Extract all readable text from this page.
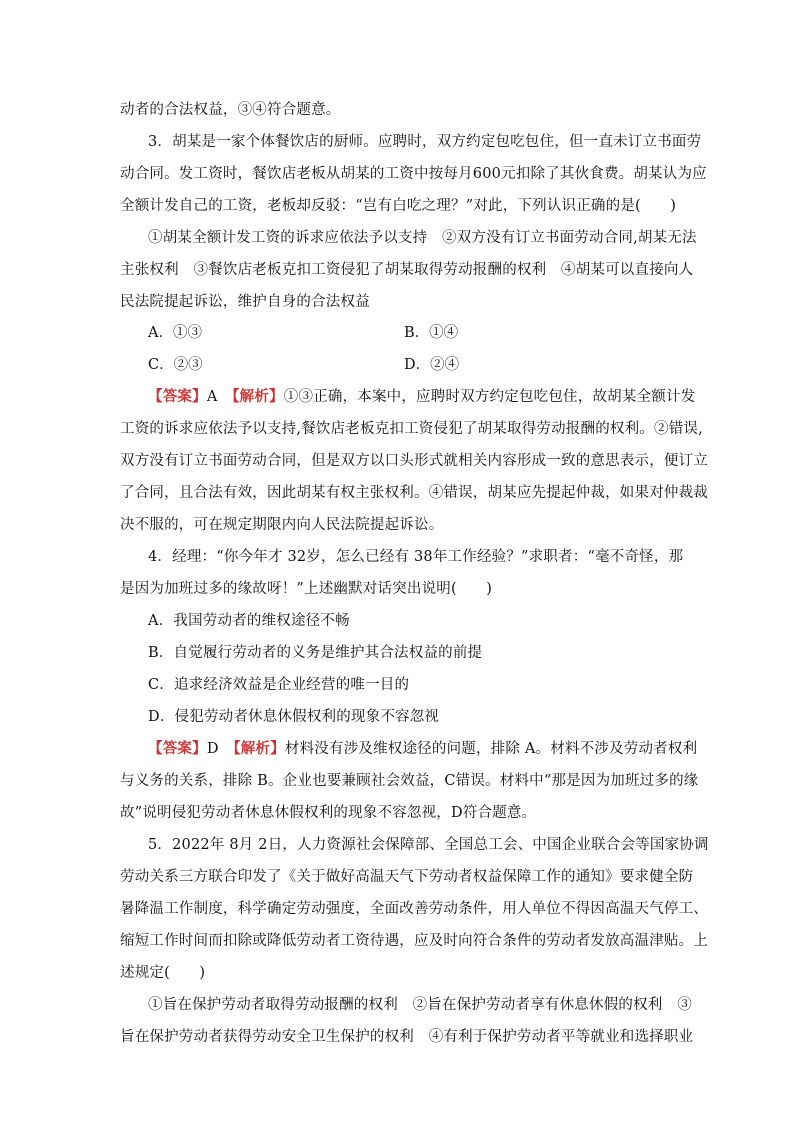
动者的合法权益，③④符合题意。
3．胡某是一家个体餐饮店的厨师。应聘时，双方约定包吃包住，但一直未订立书面劳
动合同。发工资时，餐饮店老板从胡某的工资中按每月600元扣除了其伙食费。胡某认为应
全额计发自己的工资，老板却反驳：“岂有白吃之理？”对此，下列认识正确的是(　　)
①胡某全额计发工资的诉求应依法予以支持　②双方没有订立书面劳动合同,胡某无法
主张权利　③餐饮店老板克扣工资侵犯了胡某取得劳动报酬的权利　④胡某可以直接向人
民法院提起诉讼，维护自身的合法权益
A．①③	B．①④
C．②③	D．②④
【答案】A　 【解析】①③正确，本案中，应聘时双方约定包吃包住，故胡某全额计发
工资的诉求应依法予以支持,餐饮店老板克扣工资侵犯了胡某取得劳动报酬的权利。②错误,
双方没有订立书面劳动合同，但是双方以口头形式就相关内容形成一致的意思表示，便订立
了合同，且合法有效，因此胡某有权主张权利。④错误，胡某应先提起仲裁，如果对仲裁裁
决不服的，可在规定期限内向人民法院提起诉讼。
4．经理：“你今年才 32岁，怎么已经有 38年工作经验？”求职者：“毫不奇怪，那
是因为加班过多的缘故呀！”上述幽默对话突出说明(　　)
A．我国劳动者的维权途径不畅
B．自觉履行劳动者的义务是维护其合法权益的前提
C．追求经济效益是企业经营的唯一目的
D．侵犯劳动者休息休假权利的现象不容忽视
【答案】D　 【解析】材料没有涉及维权途径的问题，排除 A。材料不涉及劳动者权利
与义务的关系，排除 B。企业也要兼顾社会效益，C错误。材料中“那是因为加班过多的缘
故”说明侵犯劳动者休息休假权利的现象不容忽视，D符合题意。
5．2022年 8月 2日，人力资源社会保障部、全国总工会、中国企业联合会等国家协调
劳动关系三方联合印发了《关于做好高温天气下劳动者权益保障工作的通知》要求健全防
暑降温工作制度，科学确定劳动强度，全面改善劳动条件，用人单位不得因高温天气停工、
缩短工作时间而扣除或降低劳动者工资待遇，应及时向符合条件的劳动者发放高温津贴。上
述规定(　　)
①旨在保护劳动者取得劳动报酬的权利　②旨在保护劳动者享有休息休假的权利　③
旨在保护劳动者获得劳动安全卫生保护的权利　④有利于保护劳动者平等就业和选择职业
